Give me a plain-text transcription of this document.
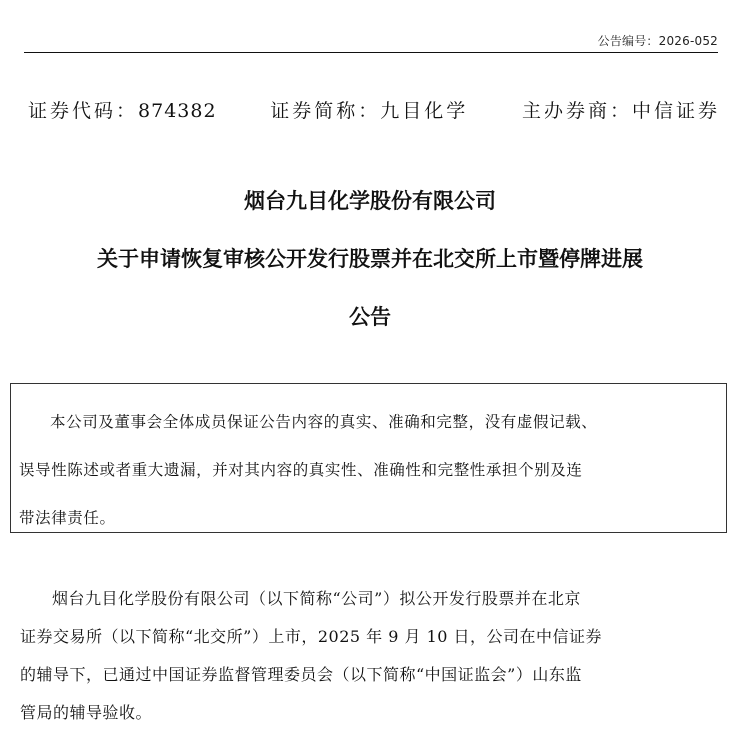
公告编号：2026-052
证券代码：874382	证券简称：九目化学	主办券商：中信证券
烟台九目化学股份有限公司
关于申请恢复审核公开发行股票并在北交所上市暨停牌进展
公告
本公司及董事会全体成员保证公告内容的真实、准确和完整，没有虚假记载、
误导性陈述或者重大遗漏，并对其内容的真实性、准确性和完整性承担个别及连
带法律责任。
烟台九目化学股份有限公司（以下简称“公司”）拟公开发行股票并在北京
证券交易所（以下简称“北交所”）上市，2025 年 9 月 10 日，公司在中信证券
的辅导下，已通过中国证券监督管理委员会（以下简称“中国证监会”）山东监
管局的辅导验收。
